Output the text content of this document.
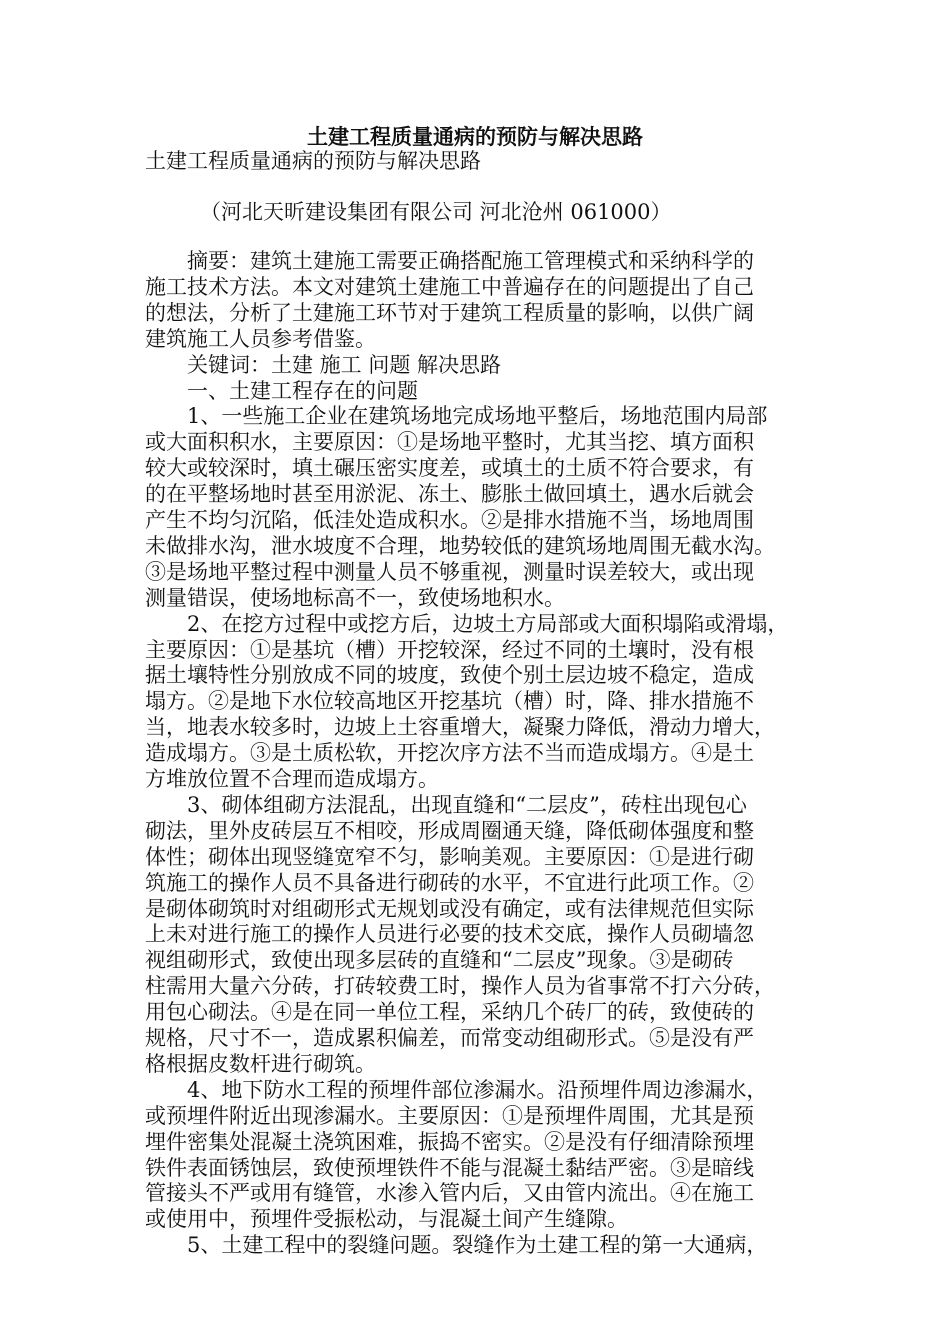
土建工程质量通病的预防与解决思路
土建工程质量通病的预防与解决思路
（河北天昕建设集团有限公司 河北沧州 061000）
　　摘要：建筑土建施工需要正确搭配施工管理模式和采纳科学的
施工技术方法。本文对建筑土建施工中普遍存在的问题提出了自己
的想法，分析了土建施工环节对于建筑工程质量的影响，以供广阔
建筑施工人员参考借鉴。
　　关键词：土建 施工 问题 解决思路
　　一、土建工程存在的问题
　　1、一些施工企业在建筑场地完成场地平整后，场地范围内局部
或大面积积水，主要原因：①是场地平整时，尤其当挖、填方面积
较大或较深时，填土碾压密实度差，或填土的土质不符合要求，有
的在平整场地时甚至用淤泥、冻土、膨胀土做回填土，遇水后就会
产生不均匀沉陷，低洼处造成积水。②是排水措施不当，场地周围
未做排水沟，泄水坡度不合理，地势较低的建筑场地周围无截水沟。
③是场地平整过程中测量人员不够重视，测量时误差较大，或出现
测量错误，使场地标高不一，致使场地积水。
　　2、在挖方过程中或挖方后，边坡土方局部或大面积塌陷或滑塌，
主要原因：①是基坑（槽）开挖较深，经过不同的土壤时，没有根
据土壤特性分别放成不同的坡度，致使个别土层边坡不稳定，造成
塌方。②是地下水位较高地区开挖基坑（槽）时，降、排水措施不
当，地表水较多时，边坡上土容重增大，凝聚力降低，滑动力增大，
造成塌方。③是土质松软，开挖次序方法不当而造成塌方。④是土
方堆放位置不合理而造成塌方。
　　3、砌体组砌方法混乱，出现直缝和“二层皮”，砖柱出现包心
砌法，里外皮砖层互不相咬，形成周圈通天缝，降低砌体强度和整
体性；砌体出现竖缝宽窄不匀，影响美观。主要原因：①是进行砌
筑施工的操作人员不具备进行砌砖的水平，不宜进行此项工作。②
是砌体砌筑时对组砌形式无规划或没有确定，或有法律规范但实际
上未对进行施工的操作人员进行必要的技术交底，操作人员砌墙忽
视组砌形式，致使出现多层砖的直缝和“二层皮”现象。③是砌砖
柱需用大量六分砖，打砖较费工时，操作人员为省事常不打六分砖，
用包心砌法。④是在同一单位工程，采纳几个砖厂的砖，致使砖的
规格，尺寸不一，造成累积偏差，而常变动组砌形式。⑤是没有严
格根据皮数杆进行砌筑。
　　4、地下防水工程的预埋件部位渗漏水。沿预埋件周边渗漏水，
或预埋件附近出现渗漏水。主要原因：①是预埋件周围，尤其是预
埋件密集处混凝土浇筑困难，振捣不密实。②是没有仔细清除预埋
铁件表面锈蚀层，致使预埋铁件不能与混凝土黏结严密。③是暗线
管接头不严或用有缝管，水渗入管内后，又由管内流出。④在施工
或使用中，预埋件受振松动，与混凝土间产生缝隙。
　　5、土建工程中的裂缝问题。裂缝作为土建工程的第一大通病，
